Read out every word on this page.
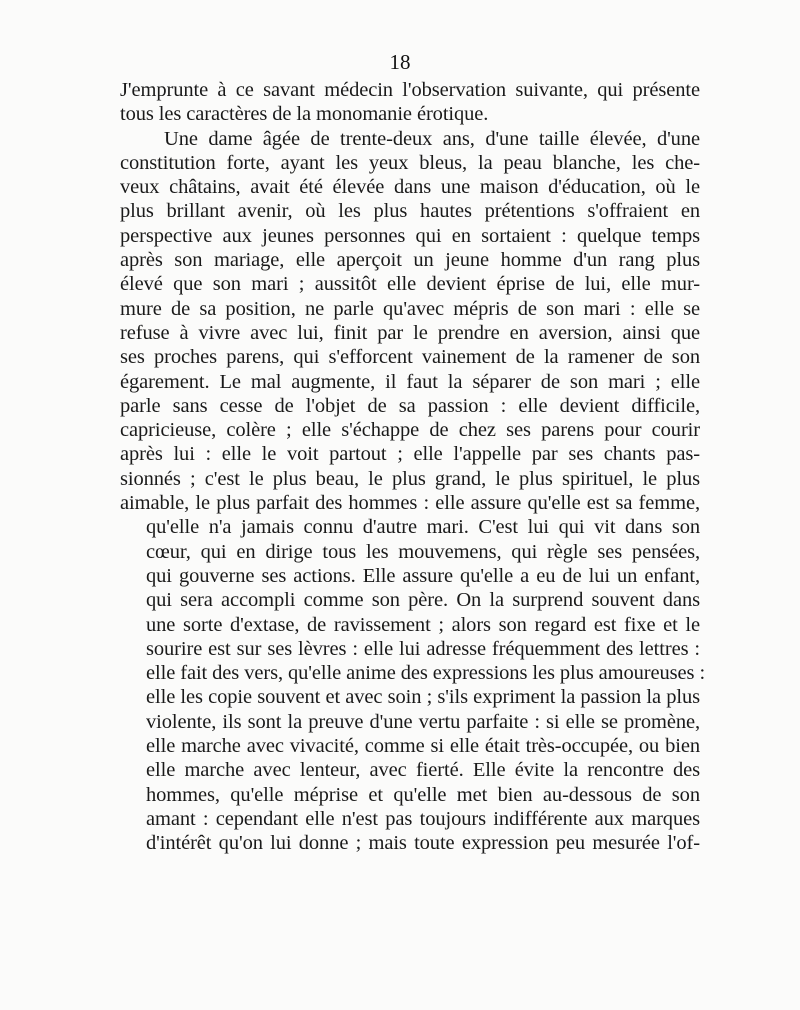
18
J'emprunte à ce savant médecin l'observation suivante, qui présente
tous les caractères de la monomanie érotique.
Une dame âgée de trente-deux ans, d'une taille élevée, d'une
constitution forte, ayant les yeux bleus, la peau blanche, les che-
veux châtains, avait été élevée dans une maison d'éducation, où le
plus brillant avenir, où les plus hautes prétentions s'offraient en
perspective aux jeunes personnes qui en sortaient : quelque temps
après son mariage, elle aperçoit un jeune homme d'un rang plus
élevé que son mari ; aussitôt elle devient éprise de lui, elle mur-
mure de sa position, ne parle qu'avec mépris de son mari : elle se
refuse à vivre avec lui, finit par le prendre en aversion, ainsi que
ses proches parens, qui s'efforcent vainement de la ramener de son
égarement. Le mal augmente, il faut la séparer de son mari ; elle
parle sans cesse de l'objet de sa passion : elle devient difficile,
capricieuse, colère ; elle s'échappe de chez ses parens pour courir
après lui : elle le voit partout ; elle l'appelle par ses chants pas-
sionnés ; c'est le plus beau, le plus grand, le plus spirituel, le plus
aimable, le plus parfait des hommes : elle assure qu'elle est sa femme,
qu'elle n'a jamais connu d'autre mari. C'est lui qui vit dans son
cœur, qui en dirige tous les mouvemens, qui règle ses pensées,
qui gouverne ses actions. Elle assure qu'elle a eu de lui un enfant,
qui sera accompli comme son père. On la surprend souvent dans
une sorte d'extase, de ravissement ; alors son regard est fixe et le
sourire est sur ses lèvres : elle lui adresse fréquemment des lettres :
elle fait des vers, qu'elle anime des expressions les plus amoureuses :
elle les copie souvent et avec soin ; s'ils expriment la passion la plus
violente, ils sont la preuve d'une vertu parfaite : si elle se promène,
elle marche avec vivacité, comme si elle était très-occupée, ou bien
elle marche avec lenteur, avec fierté. Elle évite la rencontre des
hommes, qu'elle méprise et qu'elle met bien au-dessous de son
amant : cependant elle n'est pas toujours indifférente aux marques
d'intérêt qu'on lui donne ; mais toute expression peu mesurée l'of-
